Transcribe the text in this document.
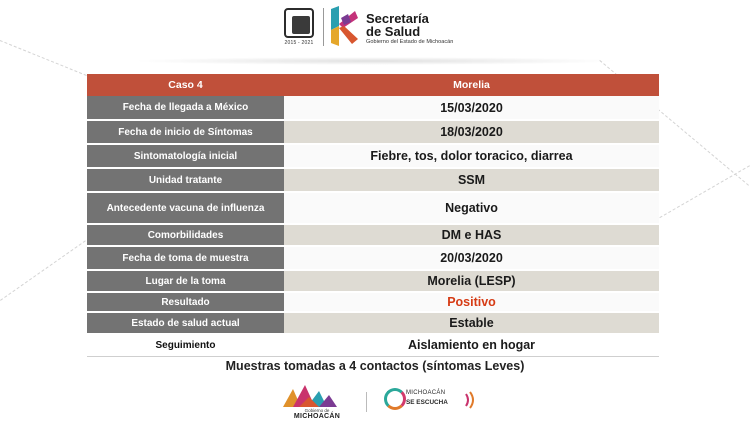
2015 - 2021
Secretaría
de Salud
Gobierno del Estado de Michoacán
Caso 4	Morelia
Fecha de llegada a México	15/03/2020
Fecha de inicio de Síntomas	18/03/2020
Sintomatología inicial	Fiebre, tos, dolor toracico, diarrea
Unidad tratante	SSM
Antecedente vacuna de influenza	Negativo
Comorbilidades	DM e HAS
Fecha de toma de muestra	20/03/2020
Lugar de la toma	Morelia (LESP)
Resultado	Positivo
Estado de salud actual	Estable
Seguimiento	Aislamiento en hogar
Muestras tomadas a 4 contactos (síntomas Leves)
Gobierno de
MICHOACÁN
MICHOACÁN
SE ESCUCHA
